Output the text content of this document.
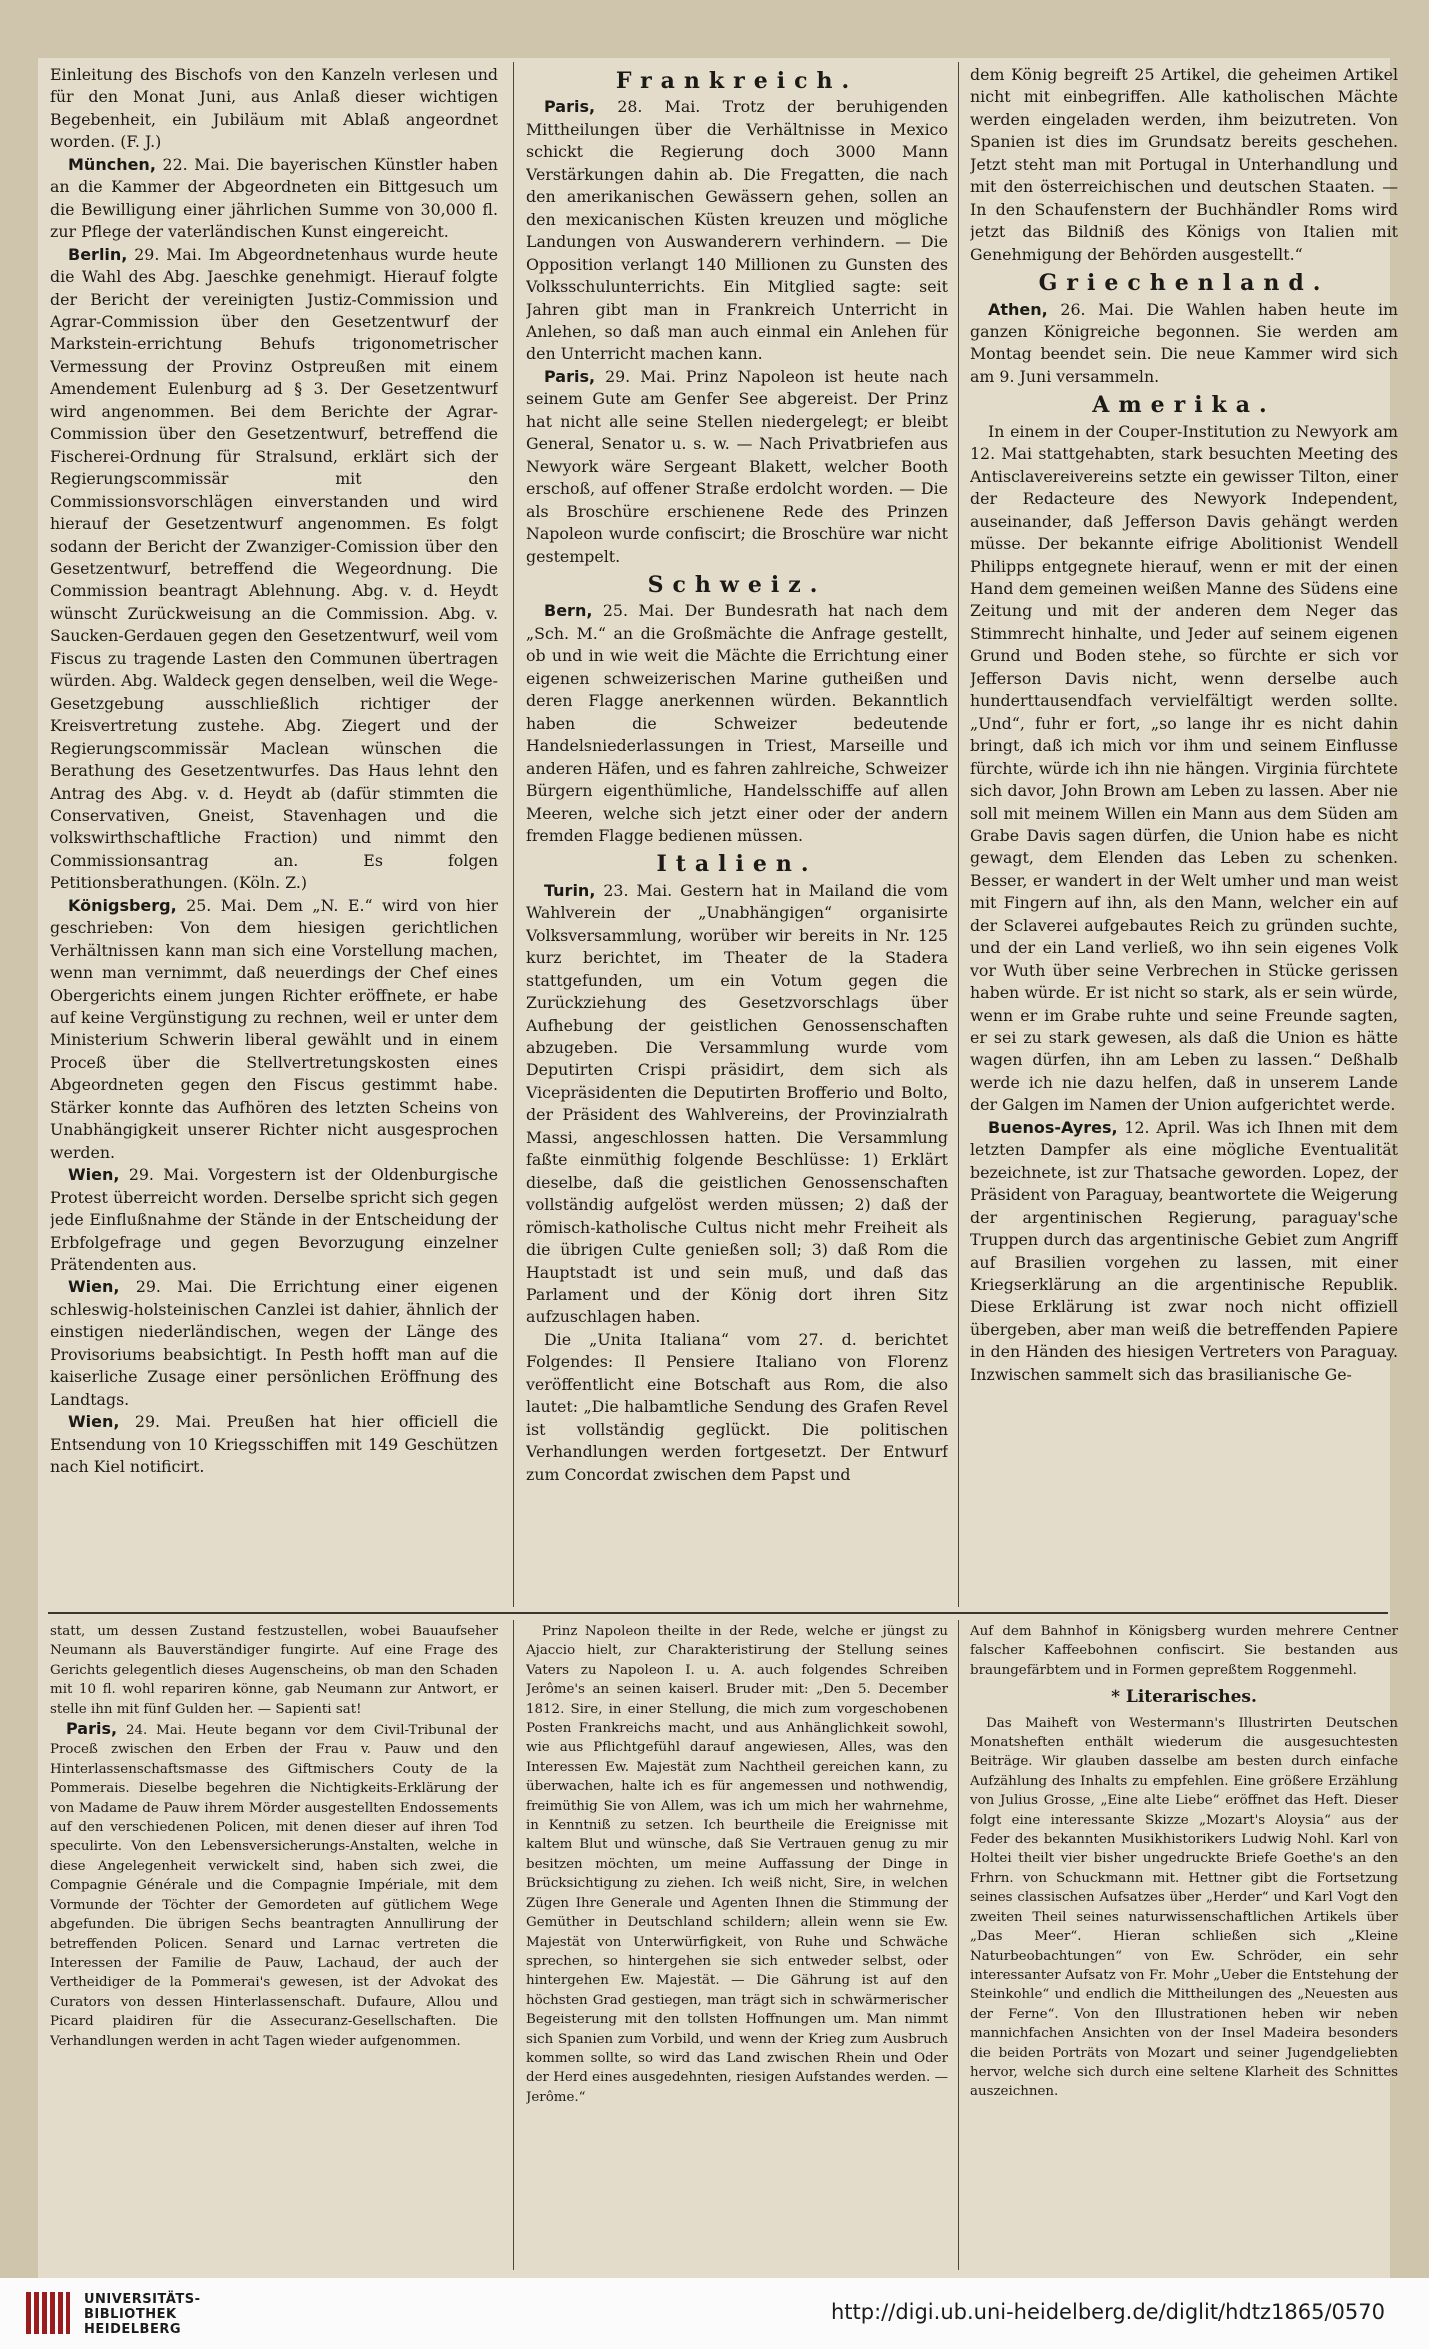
Einleitung des Bischofs von den Kanzeln verlesen und für den Monat Juni, aus Anlaß dieser wichtigen Begebenheit, ein Jubiläum mit Ablaß angeordnet worden. (F. J.)

München, 22. Mai. Die bayerischen Künstler haben an die Kammer der Abgeordneten ein Bittgesuch um die Bewilligung einer jährlichen Summe von 30,000 fl. zur Pflege der vaterländischen Kunst eingereicht.

Berlin, 29. Mai. Im Abgeordnetenhaus wurde heute die Wahl des Abg. Jaeschke genehmigt. Hierauf folgte der Bericht der vereinigten Justiz-Commission und Agrar-Commission über den Gesetzentwurf der Markstein-errichtung Behufs trigonometrischer Vermessung der Provinz Ostpreußen mit einem Amendement Eulenburg ad § 3. Der Gesetzentwurf wird angenommen. Bei dem Berichte der Agrar-Commission über den Gesetzentwurf, betreffend die Fischerei-Ordnung für Stralsund, erklärt sich der Regierungscommissär mit den Commissionsvorschlägen einverstanden und wird hierauf der Gesetzentwurf angenommen. Es folgt sodann der Bericht der Zwanziger-Comission über den Gesetzentwurf, betreffend die Wegeordnung. Die Commission beantragt Ablehnung. Abg. v. d. Heydt wünscht Zurückweisung an die Commission. Abg. v. Saucken-Gerdauen gegen den Gesetzentwurf, weil vom Fiscus zu tragende Lasten den Communen übertragen würden. Abg. Waldeck gegen denselben, weil die Wege-Gesetzgebung ausschließlich richtiger der Kreisvertretung zustehe. Abg. Ziegert und der Regierungscommissär Maclean wünschen die Berathung des Gesetzentwurfes. Das Haus lehnt den Antrag des Abg. v. d. Heydt ab (dafür stimmten die Conservativen, Gneist, Stavenhagen und die volkswirthschaftliche Fraction) und nimmt den Commissionsantrag an. Es folgen Petitionsberathungen. (Köln. Z.)

Königsberg, 25. Mai. Dem „N. E.“ wird von hier geschrieben: Von dem hiesigen gerichtlichen Verhältnissen kann man sich eine Vorstellung machen, wenn man vernimmt, daß neuerdings der Chef eines Obergerichts einem jungen Richter eröffnete, er habe auf keine Vergünstigung zu rechnen, weil er unter dem Ministerium Schwerin liberal gewählt und in einem Proceß über die Stellvertretungskosten eines Abgeordneten gegen den Fiscus gestimmt habe. Stärker konnte das Aufhören des letzten Scheins von Unabhängigkeit unserer Richter nicht ausgesprochen werden.

Wien, 29. Mai. Vorgestern ist der Oldenburgische Protest überreicht worden. Derselbe spricht sich gegen jede Einflußnahme der Stände in der Entscheidung der Erbfolgefrage und gegen Bevorzugung einzelner Prätendenten aus.

Wien, 29. Mai. Die Errichtung einer eigenen schleswig-holsteinischen Canzlei ist dahier, ähnlich der einstigen niederländischen, wegen der Länge des Provisoriums beabsichtigt. In Pesth hofft man auf die kaiserliche Zusage einer persönlichen Eröffnung des Landtags.

Wien, 29. Mai. Preußen hat hier officiell die Entsendung von 10 Kriegsschiffen mit 149 Geschützen nach Kiel notificirt.

Frankreich.

Paris, 28. Mai. Trotz der beruhigenden Mittheilungen über die Verhältnisse in Mexico schickt die Regierung doch 3000 Mann Verstärkungen dahin ab. Die Fregatten, die nach den amerikanischen Gewässern gehen, sollen an den mexicanischen Küsten kreuzen und mögliche Landungen von Auswanderern verhindern. — Die Opposition verlangt 140 Millionen zu Gunsten des Volksschulunterrichts. Ein Mitglied sagte: seit Jahren gibt man in Frankreich Unterricht in Anlehen, so daß man auch einmal ein Anlehen für den Unterricht machen kann.

Paris, 29. Mai. Prinz Napoleon ist heute nach seinem Gute am Genfer See abgereist. Der Prinz hat nicht alle seine Stellen niedergelegt; er bleibt General, Senator u. s. w. — Nach Privatbriefen aus Newyork wäre Sergeant Blakett, welcher Booth erschoß, auf offener Straße erdolcht worden. — Die als Broschüre erschienene Rede des Prinzen Napoleon wurde confiscirt; die Broschüre war nicht gestempelt.

Schweiz.

Bern, 25. Mai. Der Bundesrath hat nach dem „Sch. M.“ an die Großmächte die Anfrage gestellt, ob und in wie weit die Mächte die Errichtung einer eigenen schweizerischen Marine gutheißen und deren Flagge anerkennen würden. Bekanntlich haben die Schweizer bedeutende Handelsniederlassungen in Triest, Marseille und anderen Häfen, und es fahren zahlreiche, Schweizer Bürgern eigenthümliche, Handelsschiffe auf allen Meeren, welche sich jetzt einer oder der andern fremden Flagge bedienen müssen.

Italien.

Turin, 23. Mai. Gestern hat in Mailand die vom Wahlverein der „Unabhängigen“ organisirte Volksversammlung, worüber wir bereits in Nr. 125 kurz berichtet, im Theater de la Stadera stattgefunden, um ein Votum gegen die Zurückziehung des Gesetzvorschlags über Aufhebung der geistlichen Genossenschaften abzugeben. Die Versammlung wurde vom Deputirten Crispi präsidirt, dem sich als Vicepräsidenten die Deputirten Brofferio und Bolto, der Präsident des Wahlvereins, der Provinzialrath Massi, angeschlossen hatten. Die Versammlung faßte einmüthig folgende Beschlüsse: 1) Erklärt dieselbe, daß die geistlichen Genossenschaften vollständig aufgelöst werden müssen; 2) daß der römisch-katholische Cultus nicht mehr Freiheit als die übrigen Culte genießen soll; 3) daß Rom die Hauptstadt ist und sein muß, und daß das Parlament und der König dort ihren Sitz aufzuschlagen haben.

Die „Unita Italiana“ vom 27. d. berichtet Folgendes: Il Pensiere Italiano von Florenz veröffentlicht eine Botschaft aus Rom, die also lautet: „Die halbamtliche Sendung des Grafen Revel ist vollständig geglückt. Die politischen Verhandlungen werden fortgesetzt. Der Entwurf zum Concordat zwischen dem Papst und

dem König begreift 25 Artikel, die geheimen Artikel nicht mit einbegriffen. Alle katholischen Mächte werden eingeladen werden, ihm beizutreten. Von Spanien ist dies im Grundsatz bereits geschehen. Jetzt steht man mit Portugal in Unterhandlung und mit den österreichischen und deutschen Staaten. — In den Schaufenstern der Buchhändler Roms wird jetzt das Bildniß des Königs von Italien mit Genehmigung der Behörden ausgestellt.“

Griechenland.

Athen, 26. Mai. Die Wahlen haben heute im ganzen Königreiche begonnen. Sie werden am Montag beendet sein. Die neue Kammer wird sich am 9. Juni versammeln.

Amerika.

In einem in der Couper-Institution zu Newyork am 12. Mai stattgehabten, stark besuchten Meeting des Antisclavereivereins setzte ein gewisser Tilton, einer der Redacteure des Newyork Independent, auseinander, daß Jefferson Davis gehängt werden müsse. Der bekannte eifrige Abolitionist Wendell Philipps entgegnete hierauf, wenn er mit der einen Hand dem gemeinen weißen Manne des Südens eine Zeitung und mit der anderen dem Neger das Stimmrecht hinhalte, und Jeder auf seinem eigenen Grund und Boden stehe, so fürchte er sich vor Jefferson Davis nicht, wenn derselbe auch hunderttausendfach vervielfältigt werden sollte. „Und“, fuhr er fort, „so lange ihr es nicht dahin bringt, daß ich mich vor ihm und seinem Einflusse fürchte, würde ich ihn nie hängen. Virginia fürchtete sich davor, John Brown am Leben zu lassen. Aber nie soll mit meinem Willen ein Mann aus dem Süden am Grabe Davis sagen dürfen, die Union habe es nicht gewagt, dem Elenden das Leben zu schenken. Besser, er wandert in der Welt umher und man weist mit Fingern auf ihn, als den Mann, welcher ein auf der Sclaverei aufgebautes Reich zu gründen suchte, und der ein Land verließ, wo ihn sein eigenes Volk vor Wuth über seine Verbrechen in Stücke gerissen haben würde. Er ist nicht so stark, als er sein würde, wenn er im Grabe ruhte und seine Freunde sagten, er sei zu stark gewesen, als daß die Union es hätte wagen dürfen, ihn am Leben zu lassen.“ Deßhalb werde ich nie dazu helfen, daß in unserem Lande der Galgen im Namen der Union aufgerichtet werde.

Buenos-Ayres, 12. April. Was ich Ihnen mit dem letzten Dampfer als eine mögliche Eventualität bezeichnete, ist zur Thatsache geworden. Lopez, der Präsident von Paraguay, beantwortete die Weigerung der argentinischen Regierung, paraguay'sche Truppen durch das argentinische Gebiet zum Angriff auf Brasilien vorgehen zu lassen, mit einer Kriegserklärung an die argentinische Republik. Diese Erklärung ist zwar noch nicht offiziell übergeben, aber man weiß die betreffenden Papiere in den Händen des hiesigen Vertreters von Paraguay. Inzwischen sammelt sich das brasilianische Ge-

statt, um dessen Zustand festzustellen, wobei Bauaufseher Neumann als Bauverständiger fungirte. Auf eine Frage des Gerichts gelegentlich dieses Augenscheins, ob man den Schaden mit 10 fl. wohl repariren könne, gab Neumann zur Antwort, er stelle ihn mit fünf Gulden her. — Sapienti sat!

Paris, 24. Mai. Heute begann vor dem Civil-Tribunal der Proceß zwischen den Erben der Frau v. Pauw und den Hinterlassenschaftsmasse des Giftmischers Couty de la Pommerais. Dieselbe begehren die Nichtigkeits-Erklärung der von Madame de Pauw ihrem Mörder ausgestellten Endossements auf den verschiedenen Policen, mit denen dieser auf ihren Tod speculirte. Von den Lebensversicherungs-Anstalten, welche in diese Angelegenheit verwickelt sind, haben sich zwei, die Compagnie Générale und die Compagnie Impériale, mit dem Vormunde der Töchter der Gemordeten auf gütlichem Wege abgefunden. Die übrigen Sechs beantragten Annullirung der betreffenden Policen. Senard und Larnac vertreten die Interessen der Familie de Pauw, Lachaud, der auch der Vertheidiger de la Pommerai's gewesen, ist der Advokat des Curators von dessen Hinterlassenschaft. Dufaure, Allou und Picard plaidiren für die Assecuranz-Gesellschaften. Die Verhandlungen werden in acht Tagen wieder aufgenommen.

Prinz Napoleon theilte in der Rede, welche er jüngst zu Ajaccio hielt, zur Charakteristirung der Stellung seines Vaters zu Napoleon I. u. A. auch folgendes Schreiben Jerôme's an seinen kaiserl. Bruder mit: „Den 5. December 1812. Sire, in einer Stellung, die mich zum vorgeschobenen Posten Frankreichs macht, und aus Anhänglichkeit sowohl, wie aus Pflichtgefühl darauf angewiesen, Alles, was den Interessen Ew. Majestät zum Nachtheil gereichen kann, zu überwachen, halte ich es für angemessen und nothwendig, freimüthig Sie von Allem, was ich um mich her wahrnehme, in Kenntniß zu setzen. Ich beurtheile die Ereignisse mit kaltem Blut und wünsche, daß Sie Vertrauen genug zu mir besitzen möchten, um meine Auffassung der Dinge in Brücksichtigung zu ziehen. Ich weiß nicht, Sire, in welchen Zügen Ihre Generale und Agenten Ihnen die Stimmung der Gemüther in Deutschland schildern; allein wenn sie Ew. Majestät von Unterwürfigkeit, von Ruhe und Schwäche sprechen, so hintergehen sie sich entweder selbst, oder hintergehen Ew. Majestät. — Die Gährung ist auf den höchsten Grad gestiegen, man trägt sich in schwärmerischer Begeisterung mit den tollsten Hoffnungen um. Man nimmt sich Spanien zum Vorbild, und wenn der Krieg zum Ausbruch kommen sollte, so wird das Land zwischen Rhein und Oder der Herd eines ausgedehnten, riesigen Aufstandes werden. — Jerôme.“

Auf dem Bahnhof in Königsberg wurden mehrere Centner falscher Kaffeebohnen confiscirt. Sie bestanden aus braungefärbtem und in Formen gepreßtem Roggenmehl.

* Literarisches.

Das Maiheft von Westermann's Illustrirten Deutschen Monatsheften enthält wiederum die ausgesuchtesten Beiträge. Wir glauben dasselbe am besten durch einfache Aufzählung des Inhalts zu empfehlen. Eine größere Erzählung von Julius Grosse, „Eine alte Liebe“ eröffnet das Heft. Dieser folgt eine interessante Skizze „Mozart's Aloysia“ aus der Feder des bekannten Musikhistorikers Ludwig Nohl. Karl von Holtei theilt vier bisher ungedruckte Briefe Goethe's an den Frhrn. von Schuckmann mit. Hettner gibt die Fortsetzung seines classischen Aufsatzes über „Herder“ und Karl Vogt den zweiten Theil seines naturwissenschaftlichen Artikels über „Das Meer“. Hieran schließen sich „Kleine Naturbeobachtungen“ von Ew. Schröder, ein sehr interessanter Aufsatz von Fr. Mohr „Ueber die Entstehung der Steinkohle“ und endlich die Mittheilungen des „Neuesten aus der Ferne“. Von den Illustrationen heben wir neben mannichfachen Ansichten von der Insel Madeira besonders die beiden Porträts von Mozart und seiner Jugendgeliebten hervor, welche sich durch eine seltene Klarheit des Schnittes auszeichnen.

UNIVERSITÄTS-
BIBLIOTHEK
HEIDELBERG
http://digi.ub.uni-heidelberg.de/diglit/hdtz1865/0570
